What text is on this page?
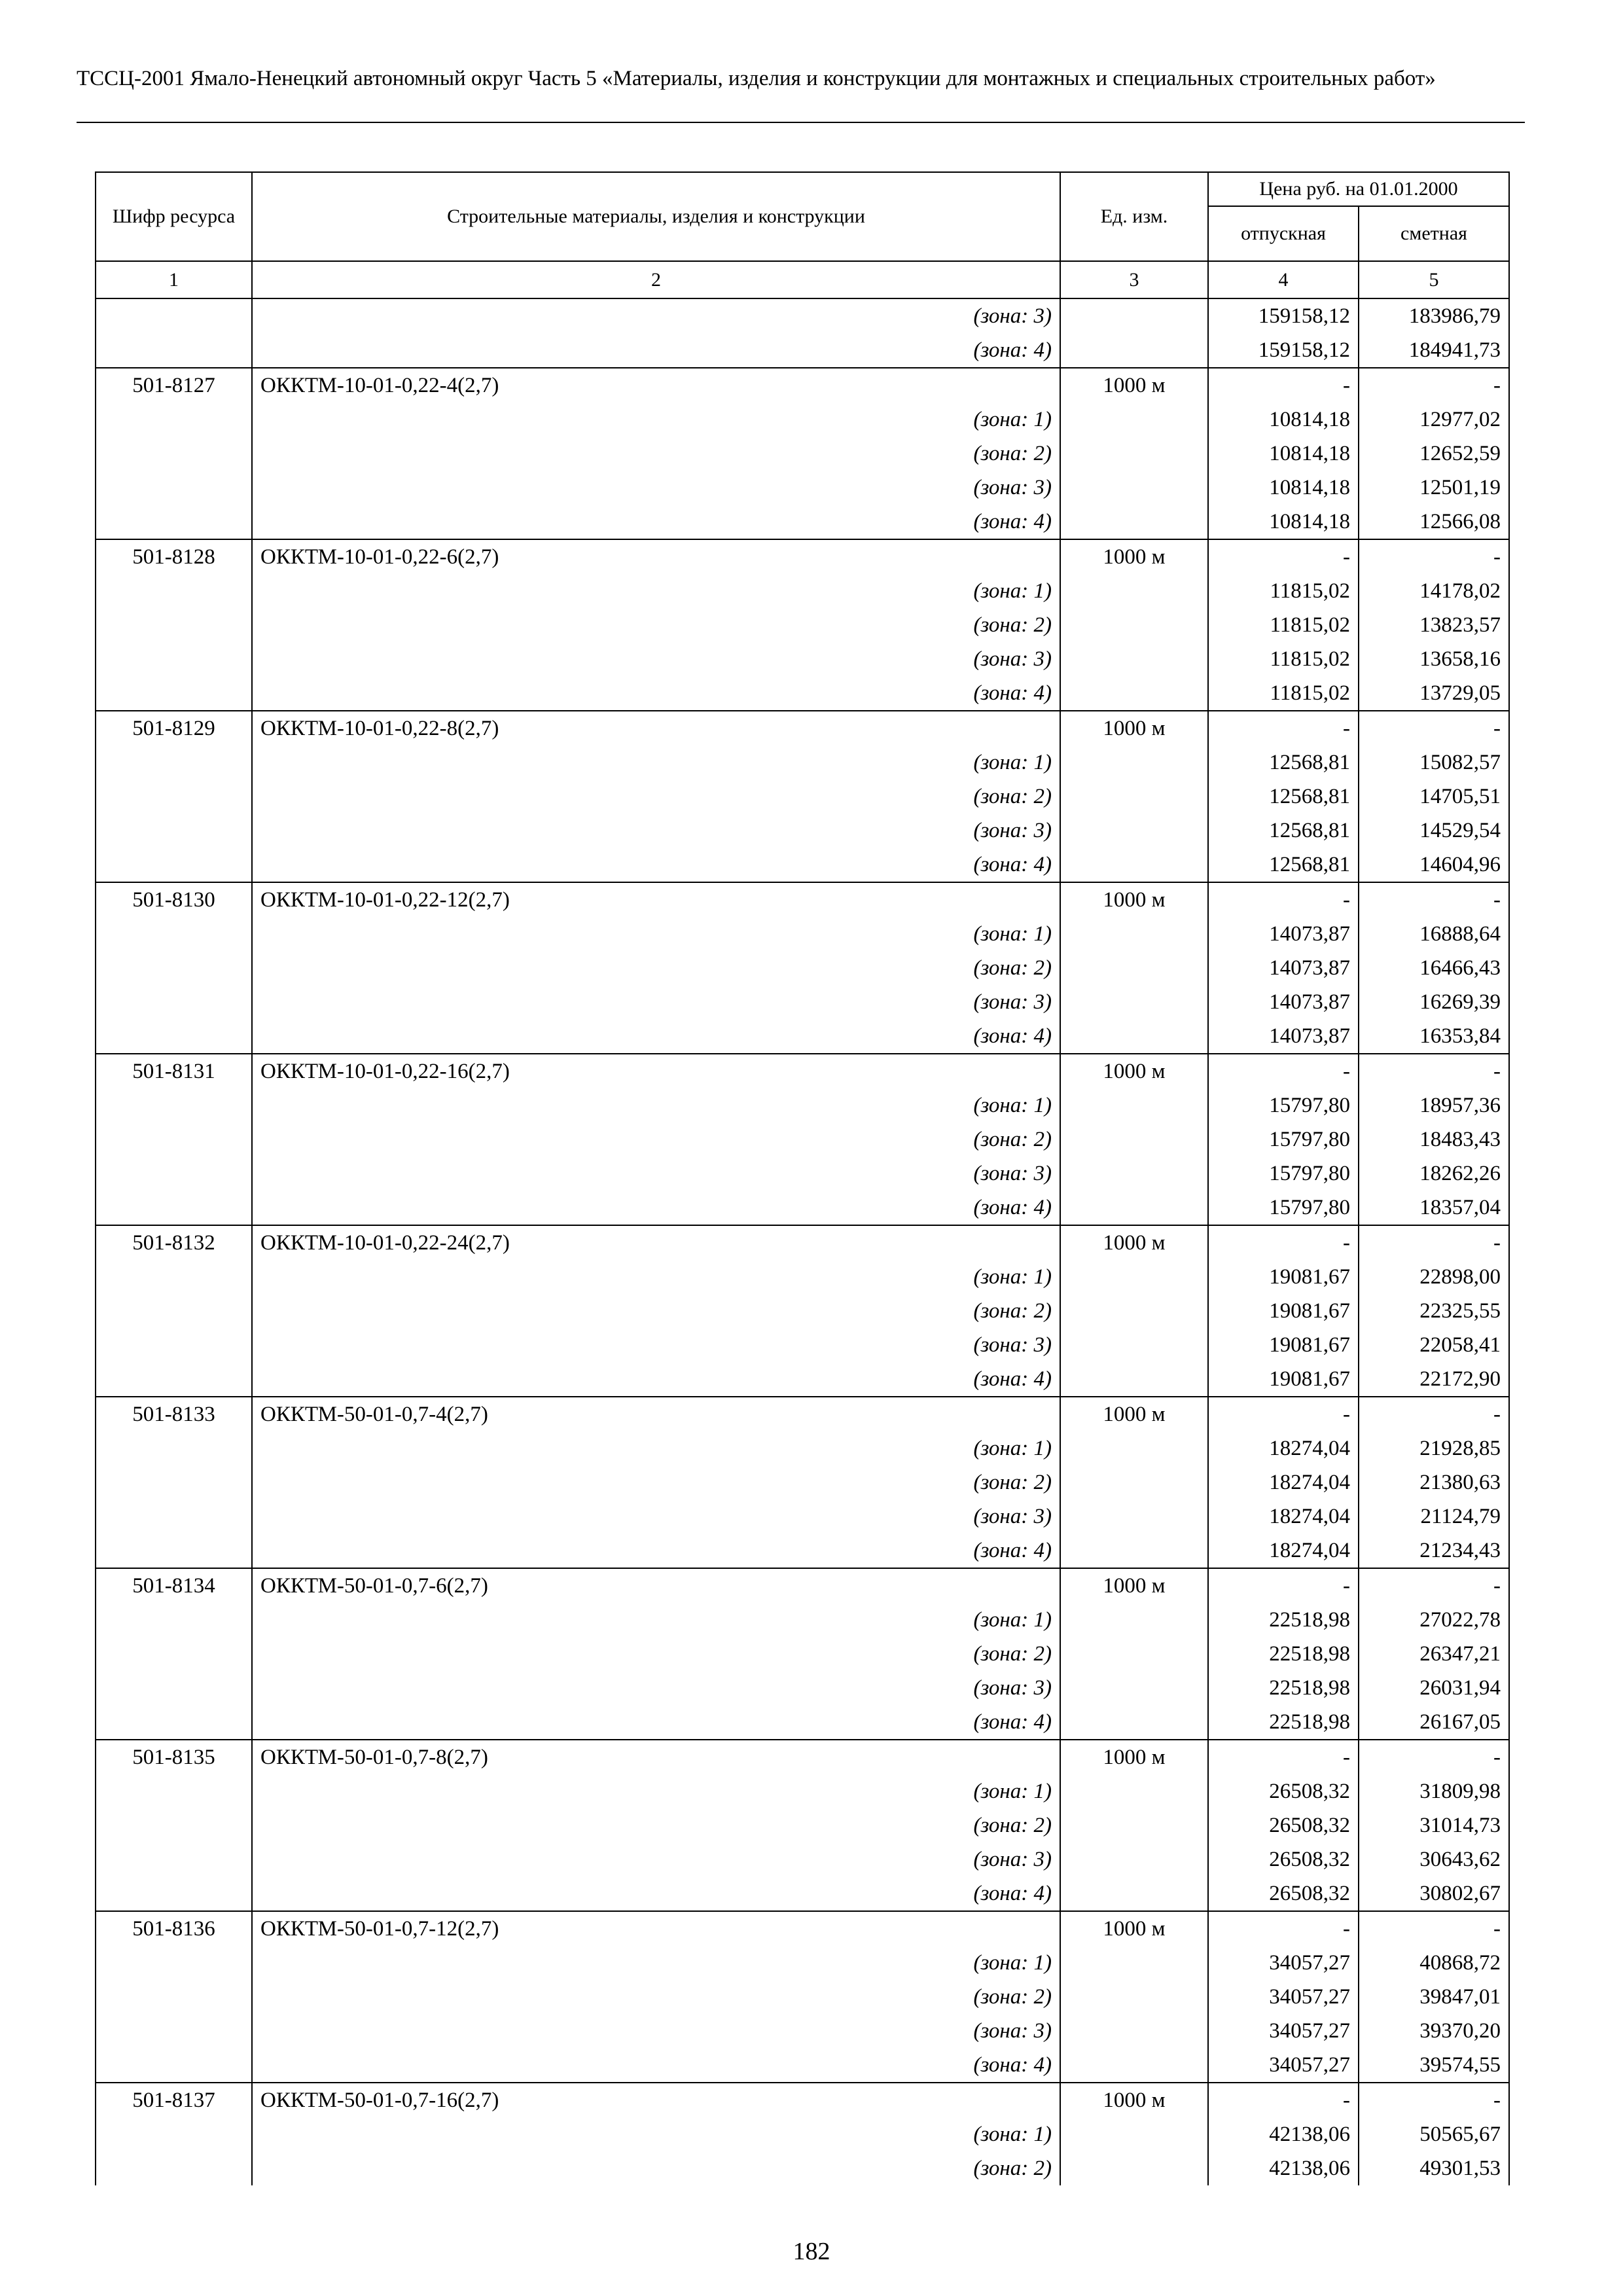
ТССЦ-2001 Ямало-Ненецкий автономный округ Часть 5 «Материалы, изделия и конструкции для монтажных и специальных строительных работ»
Шифр ресурса	Строительные материалы, изделия и конструкции	Ед. изм.	Цена руб. на 01.01.2000	
			отпускная	сметная
1	2	3	4	5
	(зона: 3)		159158,12	183986,79
	(зона: 4)		159158,12	184941,73
501-8127	ОККТМ-10-01-0,22-4(2,7)	1000 м	-	-
	(зона: 1)		10814,18	12977,02
	(зона: 2)		10814,18	12652,59
	(зона: 3)		10814,18	12501,19
	(зона: 4)		10814,18	12566,08
501-8128	ОККТМ-10-01-0,22-6(2,7)	1000 м	-	-
	(зона: 1)		11815,02	14178,02
	(зона: 2)		11815,02	13823,57
	(зона: 3)		11815,02	13658,16
	(зона: 4)		11815,02	13729,05
501-8129	ОККТМ-10-01-0,22-8(2,7)	1000 м	-	-
	(зона: 1)		12568,81	15082,57
	(зона: 2)		12568,81	14705,51
	(зона: 3)		12568,81	14529,54
	(зона: 4)		12568,81	14604,96
501-8130	ОККТМ-10-01-0,22-12(2,7)	1000 м	-	-
	(зона: 1)		14073,87	16888,64
	(зона: 2)		14073,87	16466,43
	(зона: 3)		14073,87	16269,39
	(зона: 4)		14073,87	16353,84
501-8131	ОККТМ-10-01-0,22-16(2,7)	1000 м	-	-
	(зона: 1)		15797,80	18957,36
	(зона: 2)		15797,80	18483,43
	(зона: 3)		15797,80	18262,26
	(зона: 4)		15797,80	18357,04
501-8132	ОККТМ-10-01-0,22-24(2,7)	1000 м	-	-
	(зона: 1)		19081,67	22898,00
	(зона: 2)		19081,67	22325,55
	(зона: 3)		19081,67	22058,41
	(зона: 4)		19081,67	22172,90
501-8133	ОККТМ-50-01-0,7-4(2,7)	1000 м	-	-
	(зона: 1)		18274,04	21928,85
	(зона: 2)		18274,04	21380,63
	(зона: 3)		18274,04	21124,79
	(зона: 4)		18274,04	21234,43
501-8134	ОККТМ-50-01-0,7-6(2,7)	1000 м	-	-
	(зона: 1)		22518,98	27022,78
	(зона: 2)		22518,98	26347,21
	(зона: 3)		22518,98	26031,94
	(зона: 4)		22518,98	26167,05
501-8135	ОККТМ-50-01-0,7-8(2,7)	1000 м	-	-
	(зона: 1)		26508,32	31809,98
	(зона: 2)		26508,32	31014,73
	(зона: 3)		26508,32	30643,62
	(зона: 4)		26508,32	30802,67
501-8136	ОККТМ-50-01-0,7-12(2,7)	1000 м	-	-
	(зона: 1)		34057,27	40868,72
	(зона: 2)		34057,27	39847,01
	(зона: 3)		34057,27	39370,20
	(зона: 4)		34057,27	39574,55
501-8137	ОККТМ-50-01-0,7-16(2,7)	1000 м	-	-
	(зона: 1)		42138,06	50565,67
	(зона: 2)		42138,06	49301,53
182
